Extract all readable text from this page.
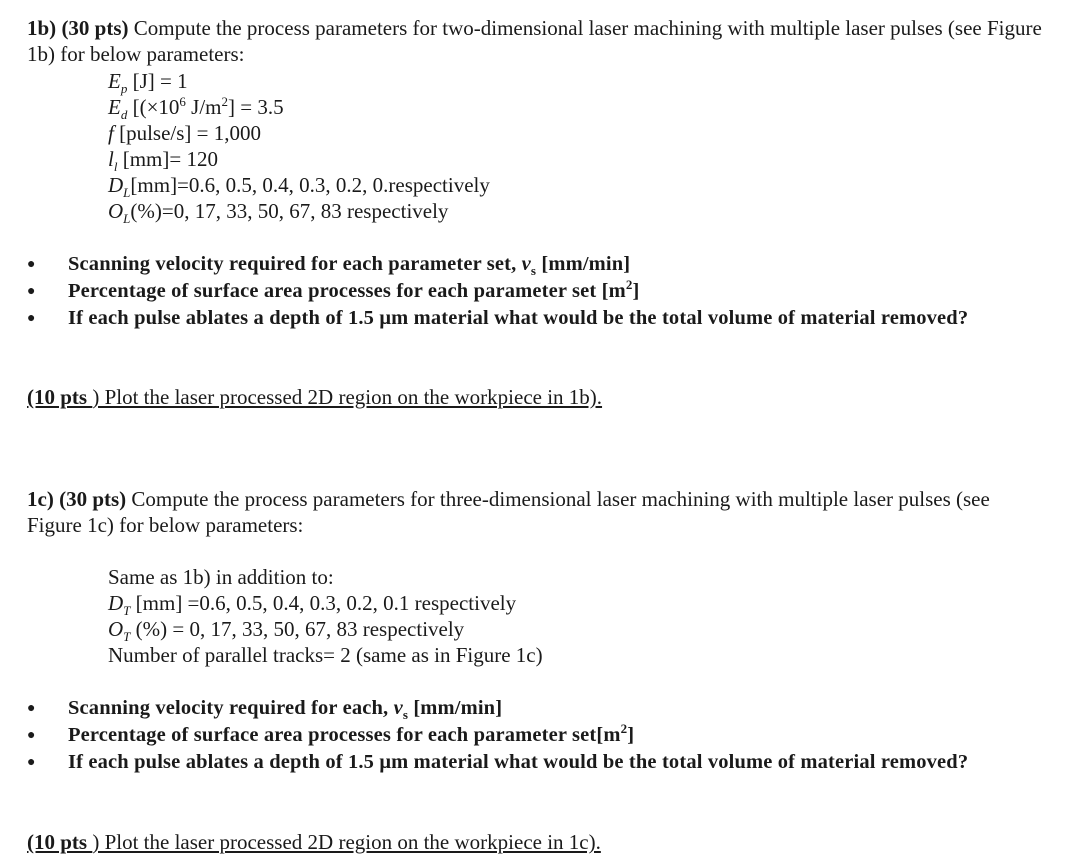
1b) (30 pts) Compute the process parameters for two-dimensional laser machining with multiple laser pulses (see Figure 1b) for below parameters:
$E_p$ [J] = 1
$E_d$ [($\times 10^6$ $J/m^2] = 3.5$
f [pulse/s] = 1,000
$l_l$ [mm]= 120
$D_L[mm]=0.6$, 0.5, 0.4, 0.3, 0.2, 0.respectively
$O_L(\%)=0$, 17, 33, 50, 67, 83 respectively
● Scanning velocity required for each parameter set, $v_s$ [mm/min]
● Percentage of surface area processes for each parameter set $[m^2]$
● If each pulse ablates a depth of 1.5 μm material what would be the total volume of material removed?
(10 pts ) Plot the laser processed 2D region on the workpiece in 1b).
1c) (30 pts) Compute the process parameters for three-dimensional laser machining with multiple laser pulses (see Figure 1c) for below parameters:
Same as 1b) in addition to:
$D_T$ [mm] =0.6, 0.5, 0.4, 0.3, 0.2, 0.1 respectively
$O_T$ (%) = 0, 17, 33, 50, 67, 83 respectively
Number of parallel tracks= 2 (same as in Figure 1c)
● Scanning velocity required for each, $v_s$ [mm/min]
● Percentage of surface area processes for each parameter $set[m^2]$
● If each pulse ablates a depth of 1.5 μm material what would be the total volume of material removed?
(10 pts ) Plot the laser processed 2D region on the workpiece in 1c).
